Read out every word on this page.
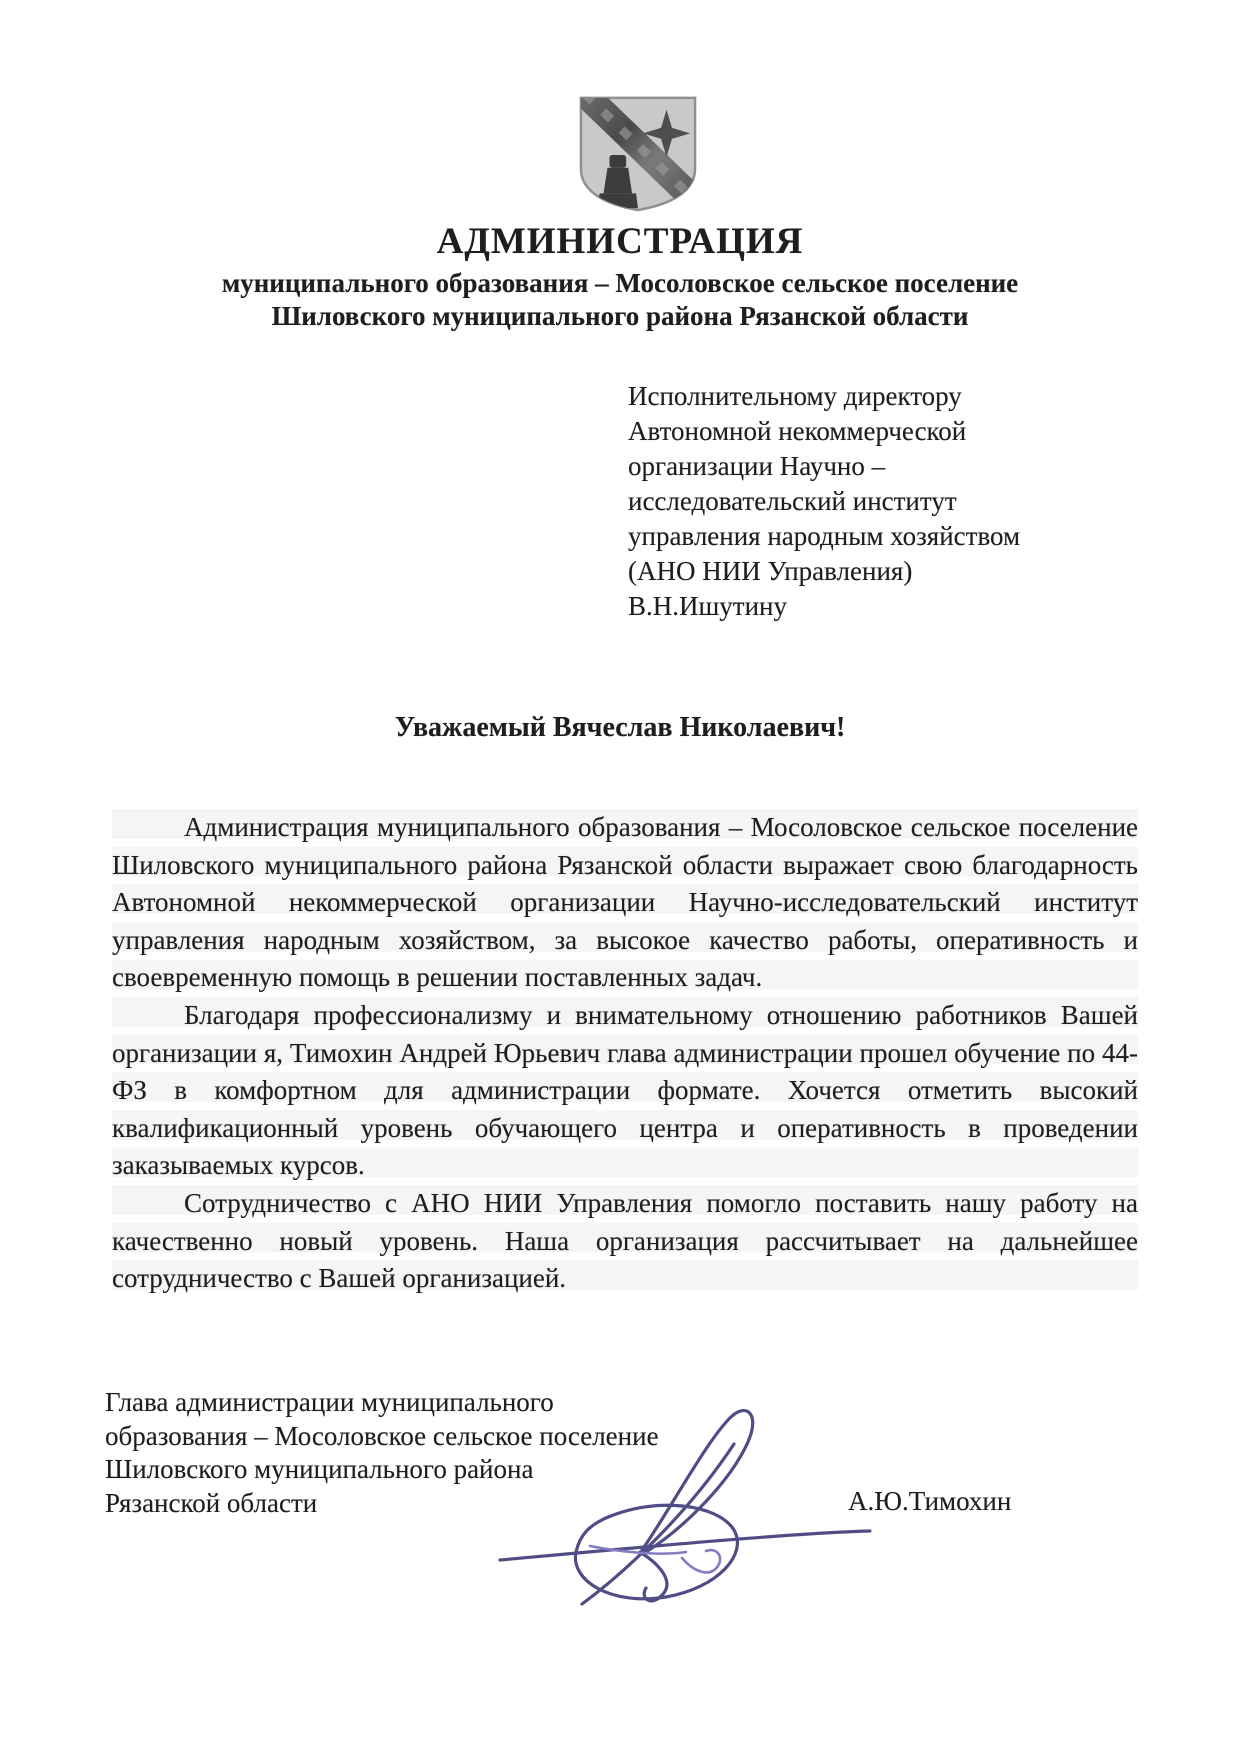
АДМИНИСТРАЦИЯ
муниципального образования – Мосоловское сельское поселение
Шиловского муниципального района Рязанской области
Исполнительному директору
Автономной некоммерческой
организации Научно –
исследовательский институт
управления народным хозяйством
(АНО НИИ Управления)
В.Н.Ишутину
Уважаемый Вячеслав Николаевич!

Администрация муниципального образования – Мосоловское сельское поселение Шиловского муниципального района Рязанской области выражает свою благодарность Автономной некоммерческой организации Научно-исследовательский институт управления народным хозяйством, за высокое качество работы, оперативность и своевременную помощь в решении поставленных задач.

Благодаря профессионализму и внимательному отношению работников Вашей организации я, Тимохин Андрей Юрьевич глава администрации прошел обучение по 44-ФЗ в комфортном для администрации формате. Хочется отметить высокий квалификационный уровень обучающего центра и оперативность в проведении заказываемых курсов.

Сотрудничество с АНО НИИ Управления помогло поставить нашу работу на качественно новый уровень. Наша организация рассчитывает на дальнейшее сотрудничество с Вашей организацией.

Глава администрации муниципального
образования – Мосоловское сельское поселение
Шиловского муниципального района
Рязанской области	А.Ю.Тимохин
